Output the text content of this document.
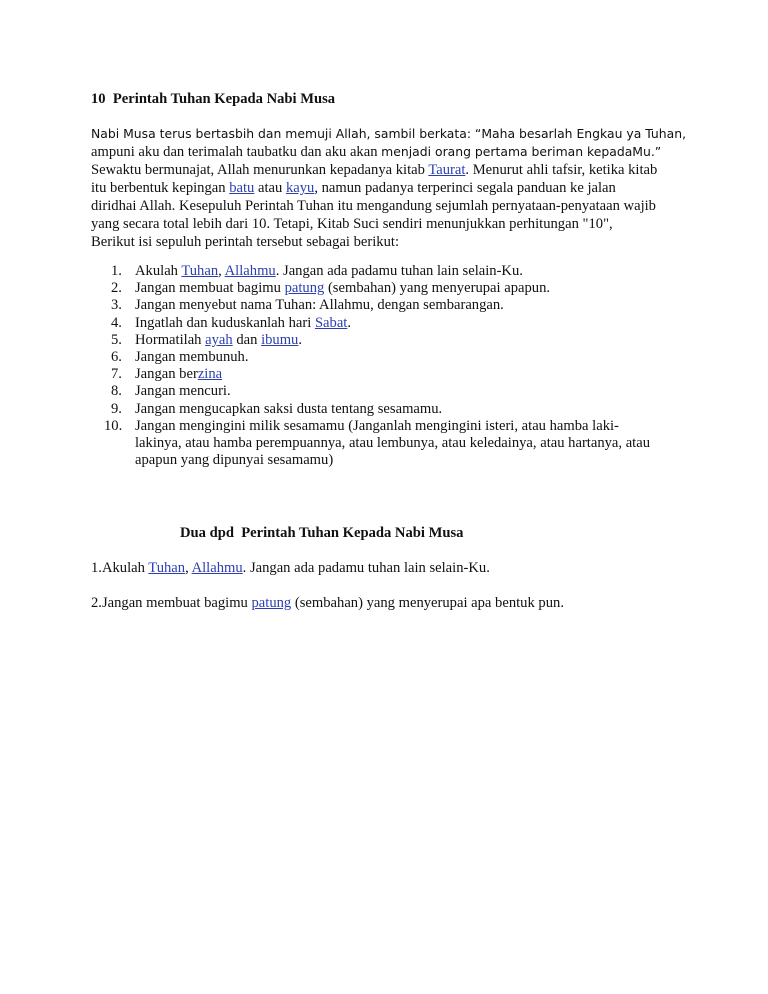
10  Perintah Tuhan Kepada Nabi Musa
Nabi Musa terus bertasbih dan memuji Allah, sambil berkata: “Maha besarlah Engkau ya Tuhan,
ampuni aku dan terimalah taubatku dan aku akan menjadi orang pertama beriman kepadaMu.”
Sewaktu bermunajat, Allah menurunkan kepadanya kitab Taurat. Menurut ahli tafsir, ketika kitab
itu berbentuk kepingan batu atau kayu, namun padanya terperinci segala panduan ke jalan
diridhai Allah. Kesepuluh Perintah Tuhan itu mengandung sejumlah pernyataan-penyataan wajib
yang secara total lebih dari 10. Tetapi, Kitab Suci sendiri menunjukkan perhitungan "10",
Berikut isi sepuluh perintah tersebut sebagai berikut:
1. Akulah Tuhan, Allahmu. Jangan ada padamu tuhan lain selain-Ku.
2. Jangan membuat bagimu patung (sembahan) yang menyerupai apapun.
3. Jangan menyebut nama Tuhan: Allahmu, dengan sembarangan.
4. Ingatlah dan kuduskanlah hari Sabat.
5. Hormatilah ayah dan ibumu.
6. Jangan membunuh.
7. Jangan berzina
8. Jangan mencuri.
9. Jangan mengucapkan saksi dusta tentang sesamamu.
10. Jangan mengingini milik sesamamu (Janganlah mengingini isteri, atau hamba laki-
lakinya, atau hamba perempuannya, atau lembunya, atau keledainya, atau hartanya, atau
apapun yang dipunyai sesamamu)
Dua dpd  Perintah Tuhan Kepada Nabi Musa
1.Akulah Tuhan, Allahmu. Jangan ada padamu tuhan lain selain-Ku.
2.Jangan membuat bagimu patung (sembahan) yang menyerupai apa bentuk pun.
